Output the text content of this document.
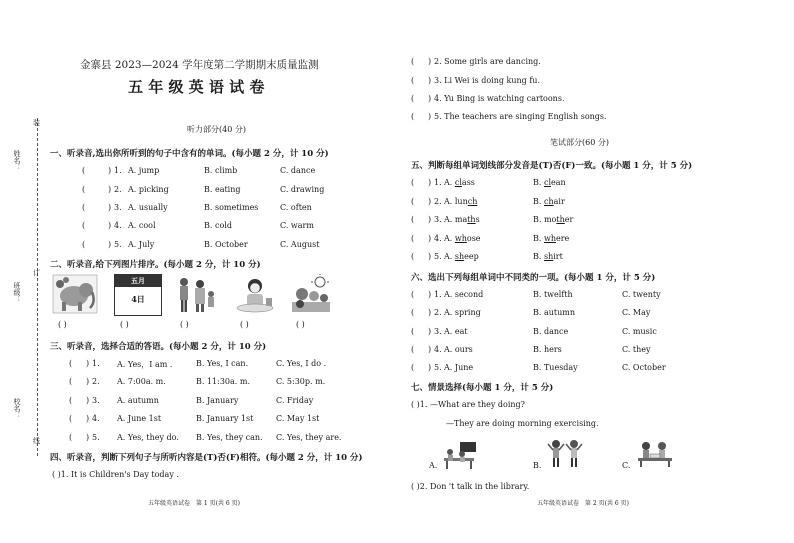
姓名：
班级：
校名：
装
订
线
金寨县 2023—2024 学年度第二学期期末质量监测
五 年 级 英 语 试 卷
听力部分(40 分)
一、听录音,选出你所听到的句子中含有的单词。(每小题 2 分，计 10 分)
(	) 1. A. jump	B. climb	C. dance
(	) 2. A. picking	B. eating	C. drawing
(	) 3. A. usually	B. sometimes	C. often
(	) 4. A. cool	B. cold	C. warm
(	) 5. A. July	B. October	C. August
二、听录音,给下列图片排序。(每小题 2 分，计 10 分)
五月
4日
( )	( )	( )	( )	( )
三、听录音，选择合适的答语。(每小题 2 分，计 10 分)
( ) 1. A. Yes，I am .	B. Yes, I can.	C. Yes, I do .
( ) 2. A. 7:00a. m.	B. 11:30a. m.	C. 5:30p. m.
( ) 3. A. autumn	B. January	C. Friday
( ) 4. A. June 1st	B. January 1st	C. May 1st
( ) 5. A. Yes, they do. B. Yes, they can. C. Yes, they are.
四、听录音，判断下列句子与所听内容是(T)否(F)相符。(每小题 2 分，计 10 分)
( )1. It is Children's Day today .
五年级英语试卷　第 1 页(共 6 页)
( ) 2. Some girls are dancing.
( ) 3. Li Wei is doing kung fu.
( ) 4. Yu Bing is watching cartoons.
( ) 5. The teachers are singing English songs.
笔试部分(60 分)
五、判断每组单词划线部分发音是(T)否(F)一致。(每小题 1 分，计 5 分)
( ) 1. A. class	B. clean
( ) 2. A. lunch	B. chair
( ) 3. A. maths	B. mother
( ) 4. A. whose	B. where
( ) 5. A. sheep	B. shirt
六、选出下列每组单词中不同类的一项。(每小题 1 分，计 5 分)
( ) 1. A. second	B. twelfth	C. twenty
( ) 2. A. spring	B. autumn	C. May
( ) 3. A. eat	B. dance	C. music
( ) 4. A. ours	B. hers	C. they
( ) 5. A. June	B. Tuesday	C. October
七、情景选择(每小题 1 分，计 5 分)
( )1. —What are they doing?
—They are doing morning exercising.
A.	B.	C.
( )2. Don 't talk in the library.
五年级英语试卷　第 2 页(共 6 页)
